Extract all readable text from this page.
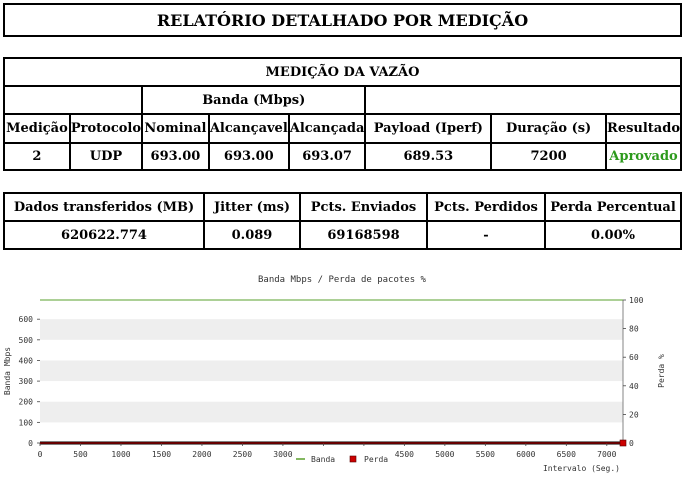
RELATÓRIO DETALHADO POR MEDIÇÃO
MEDIÇÃO DA VAZÃO							
		Banda (Mbps)					
Medição	Protocolo	Nominal	Alcançavel	Alcançada	Payload (Iperf)	Duração (s)	Resultado
2	UDP	693.00	693.00	693.07	689.53	7200	Aprovado
Dados transferidos (MB)	Jitter (ms)	Pcts. Enviados	Pcts. Perdidos	Perda Percentual
620622.774	0.089	69168598	-	0.00%
Banda Mbps / Perda de pacotes %
0
100
200
300
400
500
600
0
20
40
60
80
100
0	500	1000	1500	2000	2500	3000	4500	5000	5500	6000	6500	7000
Banda Mbps	Perda %
Intervalo (Seg.)
Banda	Perda
